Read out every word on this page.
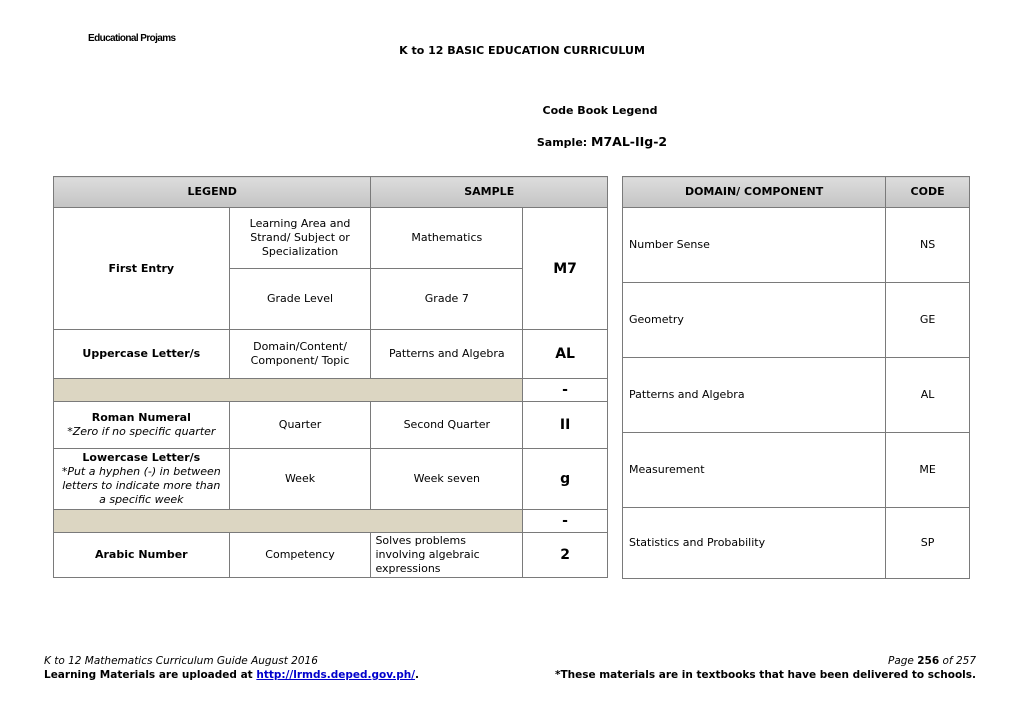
Educational Projams
K to 12 BASIC EDUCATION CURRICULUM
Code Book Legend
Sample: M7AL-IIg-2
LEGEND		SAMPLE	
First Entry	Learning Area and Strand/ Subject or Specialization	Mathematics	M7
	Grade Level	Grade 7	
Uppercase Letter/s	Domain/Content/ Component/ Topic	Patterns and Algebra	AL
			-
Roman Numeral
*Zero if no specific quarter	Quarter	Second Quarter	II
Lowercase Letter/s
*Put a hyphen (-) in between letters to indicate more than a specific week	Week	Week seven	g
			-
Arabic Number	Competency	Solves problems involving algebraic expressions	2
DOMAIN/ COMPONENT	CODE
Number Sense	NS
Geometry	GE
Patterns and Algebra	AL
Measurement	ME
Statistics and Probability	SP
K to 12 Mathematics Curriculum Guide August 2016
Learning Materials are uploaded at http://lrmds.deped.gov.ph/.
Page 256 of 257
*These materials are in textbooks that have been delivered to schools.
